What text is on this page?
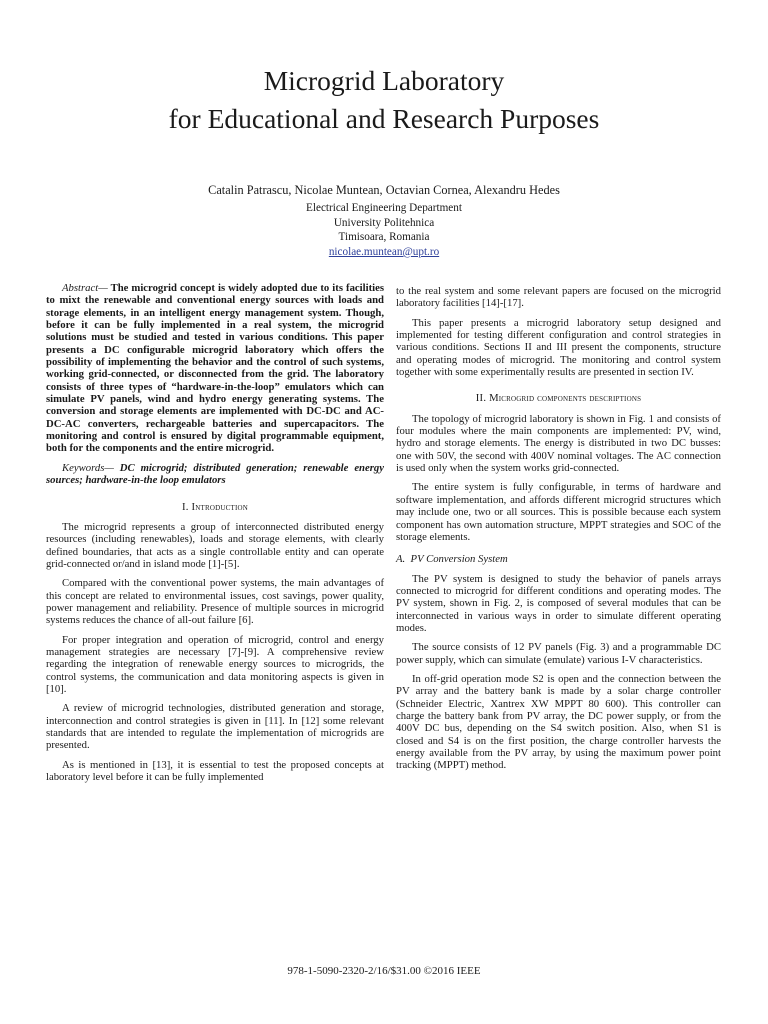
Microgrid Laboratory
for Educational and Research Purposes
Catalin Patrascu, Nicolae Muntean, Octavian Cornea, Alexandru Hedes
Electrical Engineering Department
University Politehnica
Timisoara, Romania
nicolae.muntean@upt.ro

Abstract— The microgrid concept is widely adopted due to its facilities to mixt the renewable and conventional energy sources with loads and storage elements, in an intelligent energy management system. Though, before it can be fully implemented in a real system, the microgrid solutions must be studied and tested in various conditions. This paper presents a DC configurable microgrid laboratory which offers the possibility of implementing the behavior and the control of such systems, working grid-connected, or disconnected from the grid. The laboratory consists of three types of “hardware-in-the-loop” emulators which can simulate PV panels, wind and hydro energy generating systems. The conversion and storage elements are implemented with DC-DC and AC-DC-AC converters, rechargeable batteries and supercapacitors. The monitoring and control is ensured by digital programmable equipment, both for the components and the entire microgrid.

Keywords— DC microgrid; distributed generation; renewable energy sources; hardware-in-the loop emulators

I. Introduction

The microgrid represents a group of interconnected distributed energy resources (including renewables), loads and storage elements, with clearly defined boundaries, that acts as a single controllable entity and can operate grid-connected or/and in island mode [1]-[5].

Compared with the conventional power systems, the main advantages of this concept are related to environmental issues, cost savings, power quality, power management and reliability. Presence of multiple sources in microgrid systems reduces the chance of all-out failure [6].

For proper integration and operation of microgrid, control and energy management strategies are necessary [7]-[9]. A comprehensive review regarding the integration of renewable energy sources to microgrids, the control systems, the communication and data monitoring aspects is given in [10].

A review of microgrid technologies, distributed generation and storage, interconnection and control strategies is given in [11]. In [12] some relevant standards that are intended to regulate the implementation of microgrids are presented.

As is mentioned in [13], it is essential to test the proposed concepts at laboratory level before it can be fully implemented

to the real system and some relevant papers are focused on the microgrid laboratory facilities [14]-[17].

This paper presents a microgrid laboratory setup designed and implemented for testing different configuration and control strategies in various conditions. Sections II and III present the components, structure and operating modes of microgrid. The monitoring and control system together with some experimentally results are presented in section IV.

II. Microgrid components descriptions

The topology of microgrid laboratory is shown in Fig. 1 and consists of four modules where the main components are implemented: PV, wind, hydro and storage elements. The energy is distributed in two DC busses: one with 50V, the second with 400V nominal voltages. The AC connection is used only when the system works grid-connected.

The entire system is fully configurable, in terms of hardware and software implementation, and affords different microgrid structures which may include one, two or all sources. This is possible because each system component has own automation structure, MPPT strategies and SOC of the storage elements.

A. PV Conversion System

The PV system is designed to study the behavior of panels arrays connected to microgrid for different conditions and operating modes. The PV system, shown in Fig. 2, is composed of several modules that can be interconnected in various ways in order to simulate different operating modes.

The source consists of 12 PV panels (Fig. 3) and a programmable DC power supply, which can simulate (emulate) various I-V characteristics.

In off-grid operation mode S2 is open and the connection between the PV array and the battery bank is made by a solar charge controller (Schneider Electric, Xantrex XW MPPT 80 600). This controller can charge the battery bank from PV array, the DC power supply, or from the 400V DC bus, depending on the S4 switch position. Also, when S1 is closed and S4 is on the first position, the charge controller harvests the energy available from the PV array, by using the maximum power point tracking (MPPT) method.

978-1-5090-2320-2/16/$31.00 ©2016 IEEE
